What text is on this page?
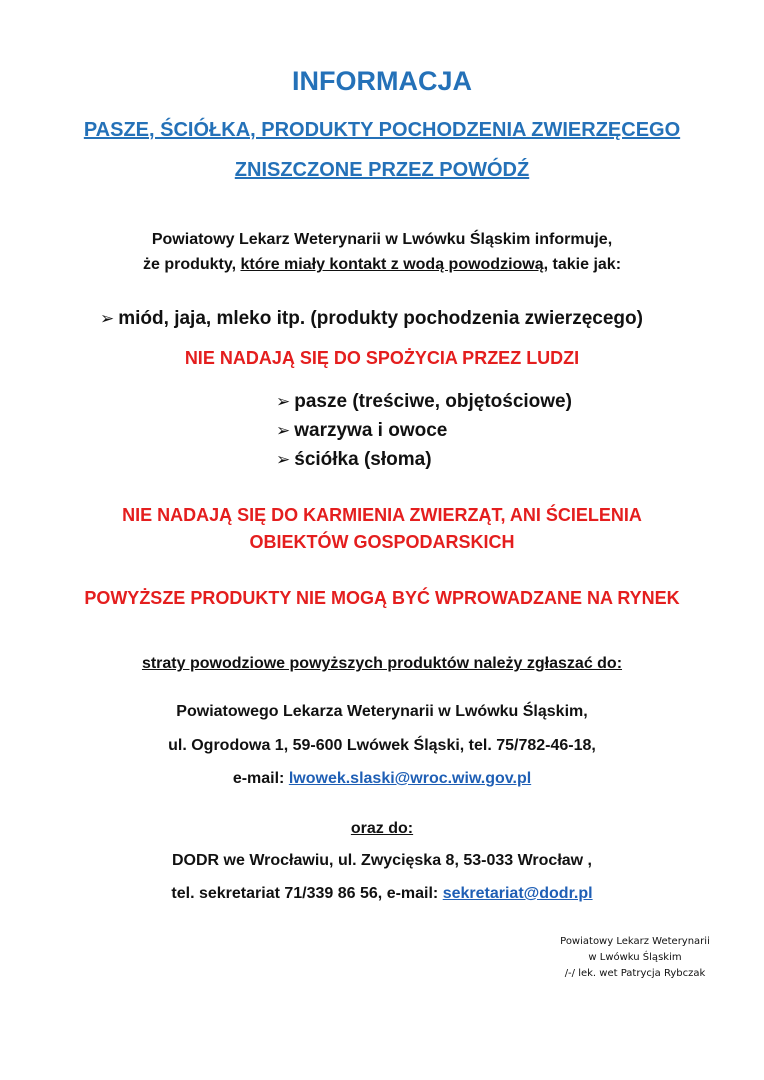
INFORMACJA
PASZE, ŚCIÓŁKA, PRODUKTY POCHODZENIA ZWIERZĘCEGO
ZNISZCZONE PRZEZ POWÓDŹ
Powiatowy Lekarz Weterynarii w Lwówku Śląskim informuje,
że produkty, które miały kontakt z wodą powodziową, takie jak:
➢ miód, jaja, mleko itp. (produkty pochodzenia zwierzęcego)
NIE NADAJĄ SIĘ DO SPOŻYCIA PRZEZ LUDZI
➢ pasze (treściwe, objętościowe)
➢ warzywa i owoce
➢ ściółka (słoma)
NIE NADAJĄ SIĘ DO KARMIENIA ZWIERZĄT, ANI ŚCIELENIA
OBIEKTÓW GOSPODARSKICH
POWYŻSZE PRODUKTY NIE MOGĄ BYĆ WPROWADZANE NA RYNEK
straty powodziowe powyższych produktów należy zgłaszać do:
Powiatowego Lekarza Weterynarii w Lwówku Śląskim,
ul. Ogrodowa 1, 59-600 Lwówek Śląski, tel. 75/782-46-18,
e-mail: lwowek.slaski@wroc.wiw.gov.pl
oraz do:
DODR we Wrocławiu, ul. Zwycięska 8, 53-033 Wrocław ,
tel. sekretariat 71/339 86 56, e-mail: sekretariat@dodr.pl
Powiatowy Lekarz Weterynarii
w Lwówku Śląskim
/-/ lek. wet Patrycja Rybczak
